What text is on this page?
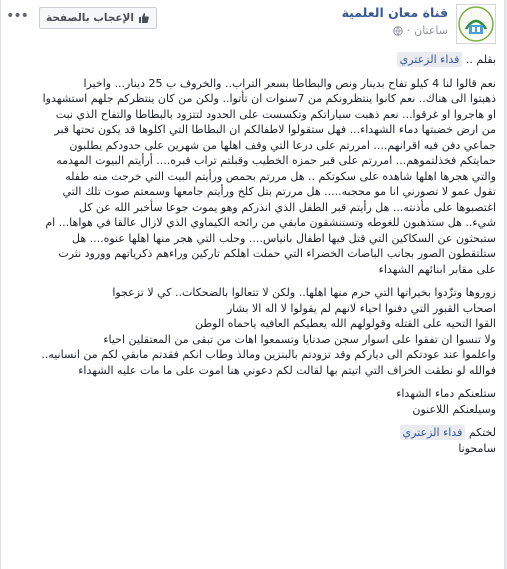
قناة معان العلمية
ساعتان
·
الإعجاب بالصفحة
•••

بقلم .. فداء الزعتري

نعم قالوا لنا 4 كيلو تفاح بدينار ونص والبطاطا بسعر التراب.. والخروف ب 25 دينار... واخيرا
ذهبتوا الى هناك.. نعم كانوا ينتظرونكم من 7سنوات ان تأتوا.. ولكن من كان ينتظركم جلهم استشهدوا
او هاجروا او غرقوا... نعم ذهبت سياراتكم وتكسست على الحدود لتتزود بالبطاطا والتفاح الذي نبت
من ارض خضبتها دماء الشهداء... فهل ستقولوا لاطفالكم ان البطاطا التي اكلوها قد يكون تحتها قبر
جماعي دفن فيه اقرانهم.... امررتم على درعا التي وقف اهلها من شهرين على حدودكم يطلبون
حمايتكم فخذلتموهم... امررتم على قبر حمزه الخطيب وقبلتم تراب قبره.... أرأيتم البيوت المهدمه
والتي هجرها اهلها شاهده على سكوتكم .. هل مررتم بحمص ورأيتم البيت التي خرجت منه طفله
تقول عمو لا تصورني انا مو محجبه..... هل مررتم بتل كلخ ورأيتم جامعها وسمعتم صوت تلك التي
اغتصبوها على مأذنته... هل رأيتم قبر الطفل الذي انذركم وهو يموت جوعا سأخبر الله عن كل
شيء.. هل ستذهبون للغوطه وتستنشقون مابقي من رائحه الكيماوي الذي لازال عالقا في هواها... ام
ستبحثون عن السكاكين التي قتل فيها اطفال بانياس.... وحلب التي هجر منها اهلها عنوه.... هل
ستلتقطون الصور بجانب الباصات الخضراء التي حملت اهلكم تاركين وراءهم ذكرياتهم وورود نثرت
على مقابر ابنائهم الشهداء

زوروها وتزّدوا بخيراتها التي حرم منها اهلها.. ولكن لا تتعالوا بالضحكات.. كي لا تزعجوا
اصحاب القبور التي دفنوا احياء لانهم لم يقولوا لا اله الا بشار
القوا التحيه على القتله وقولولهم الله يعطيكم العافيه ياحماه الوطن
ولا تنسوا ان تفقوا على اسوار سجن صدنايا وتسمعوا اهات من تبقى من المعتقلين احياء
واعلموا عند عودتكم الى دياركم وقد تزودتم بالبنزين ومالذ وطاب انكم فقدتم مابقي لكم من انسانيه..
فوالله لو نطقت الخراف التي اتيتم بها لقالت لكم دعوني هنا اموت على ما مات عليه الشهداء

ستلعنكم دماء الشهداء
وسيلعنكم اللاعنون

لختكم فداء الزعتري
سامحونا
